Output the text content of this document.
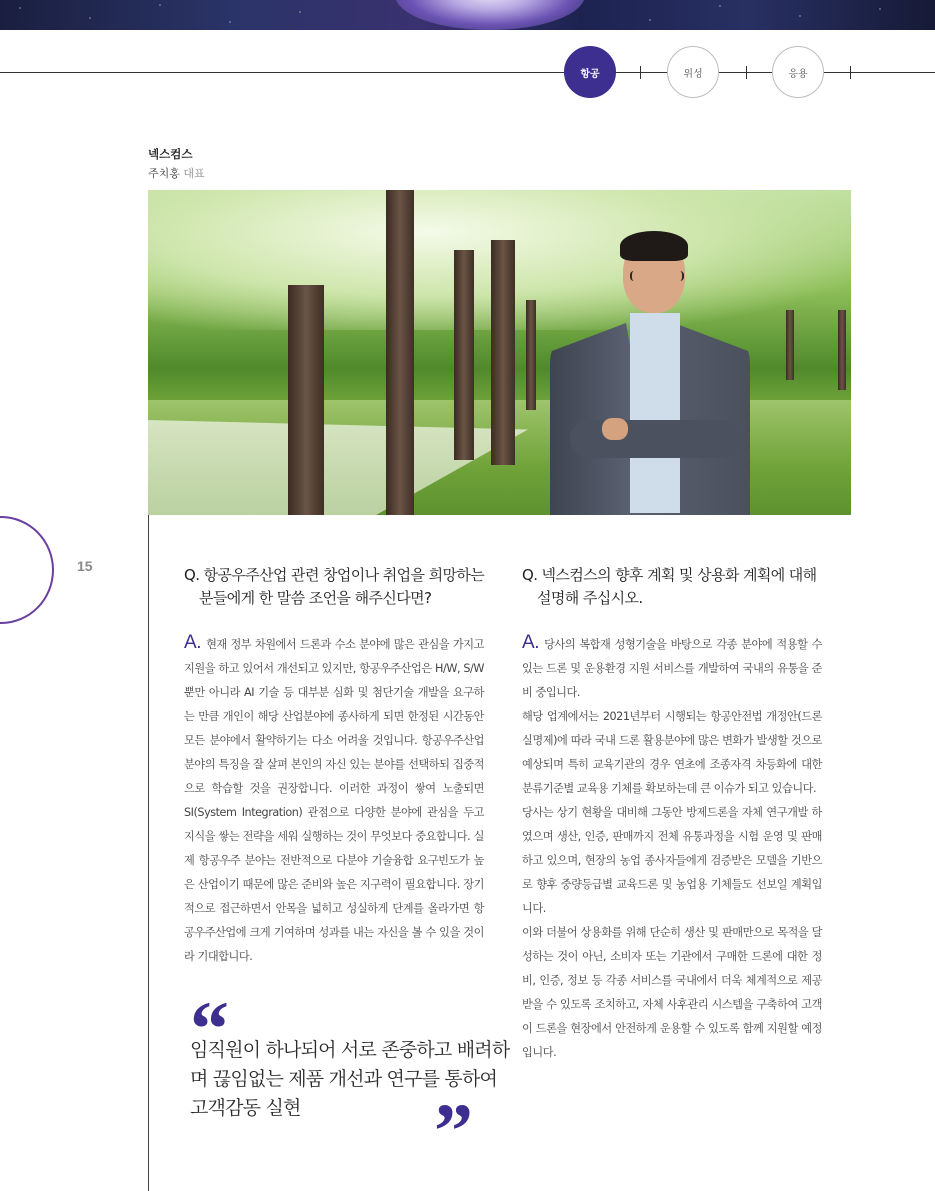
항공	위성	응용
15
넥스컴스
주치홍 대표
Q. 항공우주산업 관련 창업이나 취업을 희망하는
분들에게 한 말씀 조언을 해주신다면?

A. 현재 정부 차원에서 드론과 수소 분야에 많은 관심을 가지고 지원을 하고 있어서 개선되고 있지만, 항공우주산업은 H/W, S/W뿐만 아니라 AI 기술 등 대부분 심화 및 첨단기술 개발을 요구하는 만큼 개인이 해당 산업분야에 종사하게 되면 한정된 시간동안 모든 분야에서 활약하기는 다소 어려울 것입니다. 항공우주산업 분야의 특징을 잘 살펴 본인의 자신 있는 분야를 선택하되 집중적으로 학습할 것을 권장합니다. 이러한 과정이 쌓여 노출되면 SI(System Integration) 관점으로 다양한 분야에 관심을 두고 지식을 쌓는 전략을 세워 실행하는 것이 무엇보다 중요합니다. 실제 항공우주 분야는 전반적으로 다분야 기술융합 요구빈도가 높은 산업이기 때문에 많은 준비와 높은 지구력이 필요합니다. 장기적으로 접근하면서 안목을 넓히고 성실하게 단계를 올라가면 항공우주산업에 크게 기여하며 성과를 내는 자신을 볼 수 있을 것이라 기대합니다.

“
임직원이 하나되어 서로 존중하고 배려하며 끊임없는 제품 개선과 연구를 통하여 고객감동 실현	”
Q. 넥스컴스의 향후 계획 및 상용화 계획에 대해
설명해 주십시오.

A. 당사의 복합재 성형기술을 바탕으로 각종 분야에 적용할 수 있는 드론 및 운용환경 지원 서비스를 개발하여 국내의 유통을 준비 중입니다.

해당 업계에서는 2021년부터 시행되는 항공안전법 개정안(드론 실명제)에 따라 국내 드론 활용분야에 많은 변화가 발생할 것으로 예상되며 특히 교육기관의 경우 연초에 조종자격 차등화에 대한 분류기준별 교육용 기체를 확보하는데 큰 이슈가 되고 있습니다.

당사는 상기 현황을 대비해 그동안 방제드론을 자체 연구개발 하였으며 생산, 인증, 판매까지 전체 유통과정을 시험 운영 및 판매하고 있으며, 현장의 농업 종사자들에게 검증받은 모델을 기반으로 향후 중량등급별 교육드론 및 농업용 기체들도 선보일 계획입니다.

이와 더불어 상용화를 위해 단순히 생산 및 판매만으로 목적을 달성하는 것이 아닌, 소비자 또는 기관에서 구매한 드론에 대한 정비, 인증, 정보 등 각종 서비스를 국내에서 더욱 체계적으로 제공받을 수 있도록 조치하고, 자체 사후관리 시스템을 구축하여 고객이 드론을 현장에서 안전하게 운용할 수 있도록 함께 지원할 예정입니다.
